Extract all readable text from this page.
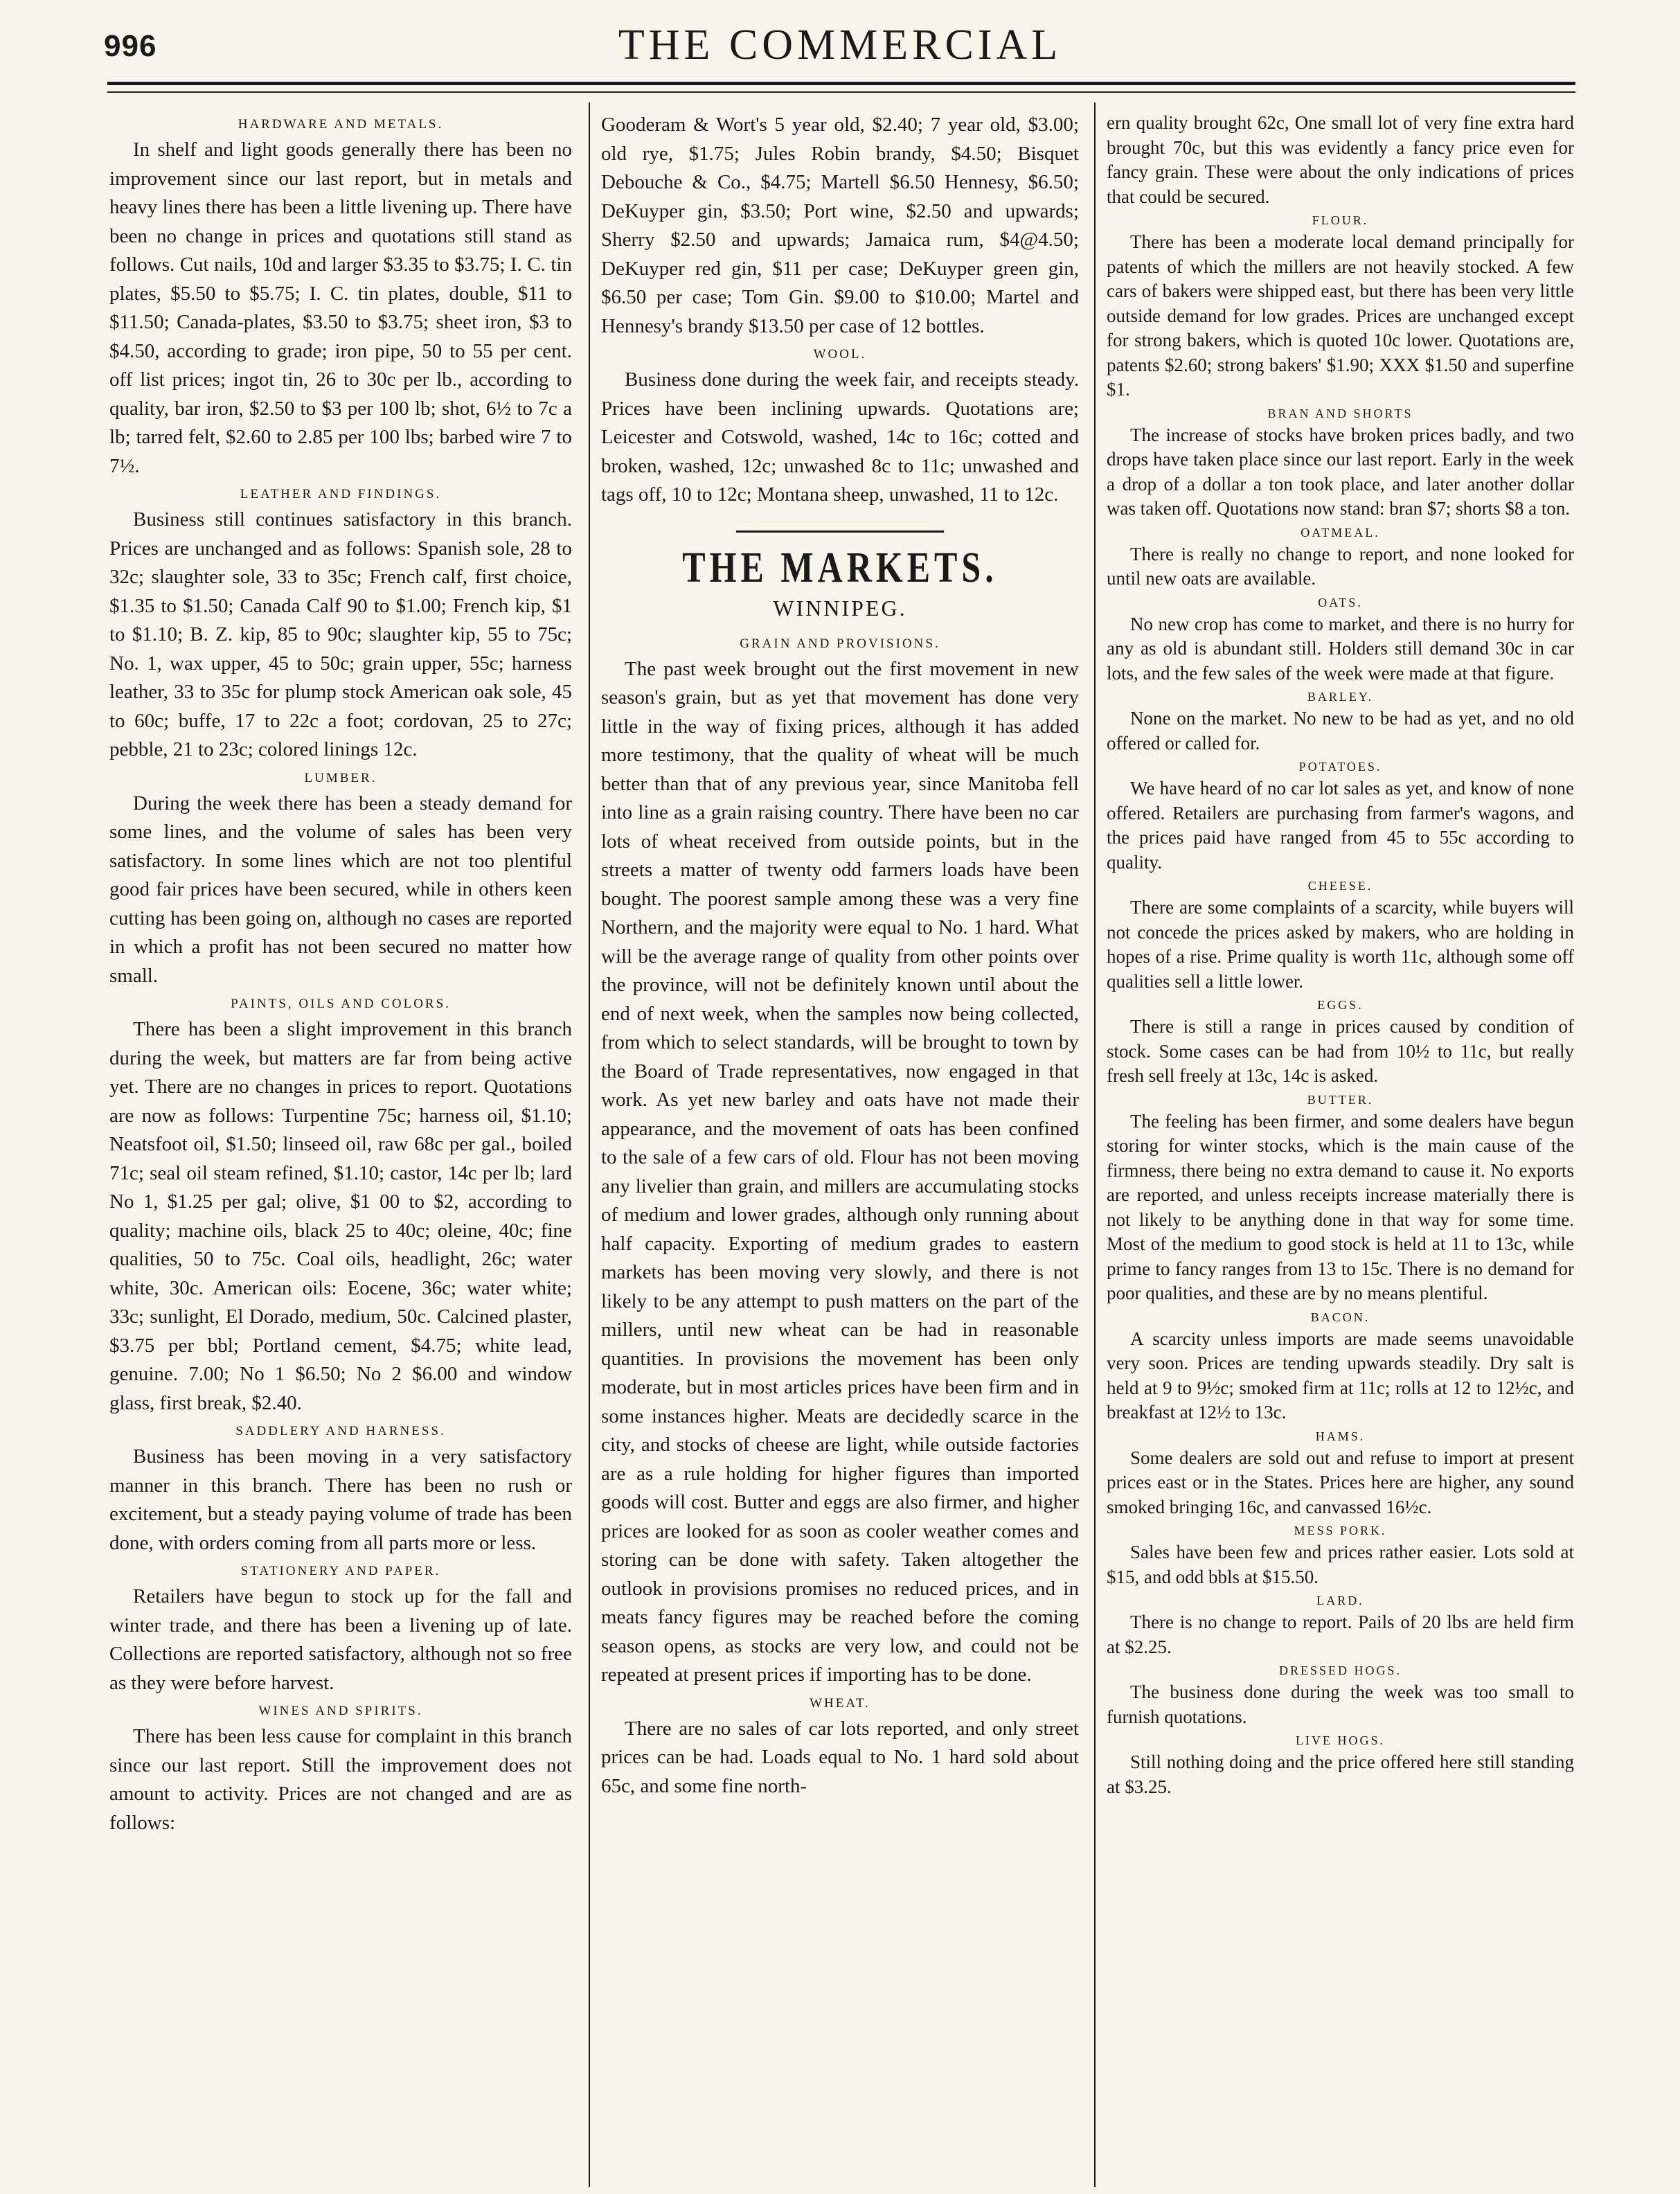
996	THE COMMERCIAL
HARDWARE AND METALS.

In shelf and light goods generally there has been no improvement since our last report, but in metals and heavy lines there has been a little livening up. There have been no change in prices and quotations still stand as follows. Cut nails, 10d and larger $3.35 to $3.75; I. C. tin plates, $5.50 to $5.75; I. C. tin plates, double, $11 to $11.50; Canada-plates, $3.50 to $3.75; sheet iron, $3 to $4.50, according to grade; iron pipe, 50 to 55 per cent. off list prices; ingot tin, 26 to 30c per lb., according to quality, bar iron, $2.50 to $3 per 100 lb; shot, 6½ to 7c a lb; tarred felt, $2.60 to 2.85 per 100 lbs; barbed wire 7 to 7½.

LEATHER AND FINDINGS.

Business still continues satisfactory in this branch. Prices are unchanged and as follows: Spanish sole, 28 to 32c; slaughter sole, 33 to 35c; French calf, first choice, $1.35 to $1.50; Canada Calf 90 to $1.00; French kip, $1 to $1.10; B. Z. kip, 85 to 90c; slaughter kip, 55 to 75c; No. 1, wax upper, 45 to 50c; grain upper, 55c; harness leather, 33 to 35c for plump stock American oak sole, 45 to 60c; buffe, 17 to 22c a foot; cordovan, 25 to 27c; pebble, 21 to 23c; colored linings 12c.

LUMBER.

During the week there has been a steady demand for some lines, and the volume of sales has been very satisfactory. In some lines which are not too plentiful good fair prices have been secured, while in others keen cutting has been going on, although no cases are reported in which a profit has not been secured no matter how small.

PAINTS, OILS AND COLORS.

There has been a slight improvement in this branch during the week, but matters are far from being active yet. There are no changes in prices to report. Quotations are now as follows: Turpentine 75c; harness oil, $1.10; Neatsfoot oil, $1.50; linseed oil, raw 68c per gal., boiled 71c; seal oil steam refined, $1.10; castor, 14c per lb; lard No 1, $1.25 per gal; olive, $1 00 to $2, according to quality; machine oils, black 25 to 40c; oleine, 40c; fine qualities, 50 to 75c. Coal oils, headlight, 26c; water white, 30c. American oils: Eocene, 36c; water white; 33c; sunlight, El Dorado, medium, 50c. Calcined plaster, $3.75 per bbl; Portland cement, $4.75; white lead, genuine. 7.00; No 1 $6.50; No 2 $6.00 and window glass, first break, $2.40.

SADDLERY AND HARNESS.

Business has been moving in a very satisfactory manner in this branch. There has been no rush or excitement, but a steady paying volume of trade has been done, with orders coming from all parts more or less.

STATIONERY AND PAPER.

Retailers have begun to stock up for the fall and winter trade, and there has been a livening up of late. Collections are reported satisfactory, although not so free as they were before harvest.

WINES AND SPIRITS.

There has been less cause for complaint in this branch since our last report. Still the improvement does not amount to activity. Prices are not changed and are as follows:

Gooderam & Wort's 5 year old, $2.40; 7 year old, $3.00; old rye, $1.75; Jules Robin brandy, $4.50; Bisquet Debouche & Co., $4.75; Martell $6.50 Hennesy, $6.50; DeKuyper gin, $3.50; Port wine, $2.50 and upwards; Sherry $2.50 and upwards; Jamaica rum, $4@4.50; DeKuyper red gin, $11 per case; DeKuyper green gin, $6.50 per case; Tom Gin. $9.00 to $10.00; Martel and Hennesy's brandy $13.50 per case of 12 bottles.

WOOL.

Business done during the week fair, and receipts steady. Prices have been inclining upwards. Quotations are; Leicester and Cotswold, washed, 14c to 16c; cotted and broken, washed, 12c; unwashed 8c to 11c; unwashed and tags off, 10 to 12c; Montana sheep, unwashed, 11 to 12c.

THE MARKETS.
WINNIPEG.
GRAIN AND PROVISIONS.

The past week brought out the first movement in new season's grain, but as yet that movement has done very little in the way of fixing prices, although it has added more testimony, that the quality of wheat will be much better than that of any previous year, since Manitoba fell into line as a grain raising country. There have been no car lots of wheat received from outside points, but in the streets a matter of twenty odd farmers loads have been bought. The poorest sample among these was a very fine Northern, and the majority were equal to No. 1 hard. What will be the average range of quality from other points over the province, will not be definitely known until about the end of next week, when the samples now being collected, from which to select standards, will be brought to town by the Board of Trade representatives, now engaged in that work. As yet new barley and oats have not made their appearance, and the movement of oats has been confined to the sale of a few cars of old. Flour has not been moving any livelier than grain, and millers are accumulating stocks of medium and lower grades, although only running about half capacity. Exporting of medium grades to eastern markets has been moving very slowly, and there is not likely to be any attempt to push matters on the part of the millers, until new wheat can be had in reasonable quantities. In provisions the movement has been only moderate, but in most articles prices have been firm and in some instances higher. Meats are decidedly scarce in the city, and stocks of cheese are light, while outside factories are as a rule holding for higher figures than imported goods will cost. Butter and eggs are also firmer, and higher prices are looked for as soon as cooler weather comes and storing can be done with safety. Taken altogether the outlook in provisions promises no reduced prices, and in meats fancy figures may be reached before the coming season opens, as stocks are very low, and could not be repeated at present prices if importing has to be done.

WHEAT.

There are no sales of car lots reported, and only street prices can be had. Loads equal to No. 1 hard sold about 65c, and some fine north-

ern quality brought 62c, One small lot of very fine extra hard brought 70c, but this was evidently a fancy price even for fancy grain. These were about the only indications of prices that could be secured.

FLOUR.

There has been a moderate local demand principally for patents of which the millers are not heavily stocked. A few cars of bakers were shipped east, but there has been very little outside demand for low grades. Prices are unchanged except for strong bakers, which is quoted 10c lower. Quotations are, patents $2.60; strong bakers' $1.90; XXX $1.50 and superfine $1.

BRAN AND SHORTS

The increase of stocks have broken prices badly, and two drops have taken place since our last report. Early in the week a drop of a dollar a ton took place, and later another dollar was taken off. Quotations now stand: bran $7; shorts $8 a ton.

OATMEAL.

There is really no change to report, and none looked for until new oats are available.

OATS.

No new crop has come to market, and there is no hurry for any as old is abundant still. Holders still demand 30c in car lots, and the few sales of the week were made at that figure.

BARLEY.

None on the market. No new to be had as yet, and no old offered or called for.

POTATOES.

We have heard of no car lot sales as yet, and know of none offered. Retailers are purchasing from farmer's wagons, and the prices paid have ranged from 45 to 55c according to quality.

CHEESE.

There are some complaints of a scarcity, while buyers will not concede the prices asked by makers, who are holding in hopes of a rise. Prime quality is worth 11c, although some off qualities sell a little lower.

EGGS.

There is still a range in prices caused by condition of stock. Some cases can be had from 10½ to 11c, but really fresh sell freely at 13c, 14c is asked.

BUTTER.

The feeling has been firmer, and some dealers have begun storing for winter stocks, which is the main cause of the firmness, there being no extra demand to cause it. No exports are reported, and unless receipts increase materially there is not likely to be anything done in that way for some time. Most of the medium to good stock is held at 11 to 13c, while prime to fancy ranges from 13 to 15c. There is no demand for poor qualities, and these are by no means plentiful.

BACON.

A scarcity unless imports are made seems unavoidable very soon. Prices are tending upwards steadily. Dry salt is held at 9 to 9½c; smoked firm at 11c; rolls at 12 to 12½c, and breakfast at 12½ to 13c.

HAMS.

Some dealers are sold out and refuse to import at present prices east or in the States. Prices here are higher, any sound smoked bringing 16c, and canvassed 16½c.

MESS PORK.

Sales have been few and prices rather easier. Lots sold at $15, and odd bbls at $15.50.

LARD.

There is no change to report. Pails of 20 lbs are held firm at $2.25.

DRESSED HOGS.

The business done during the week was too small to furnish quotations.

LIVE HOGS.

Still nothing doing and the price offered here still standing at $3.25.
